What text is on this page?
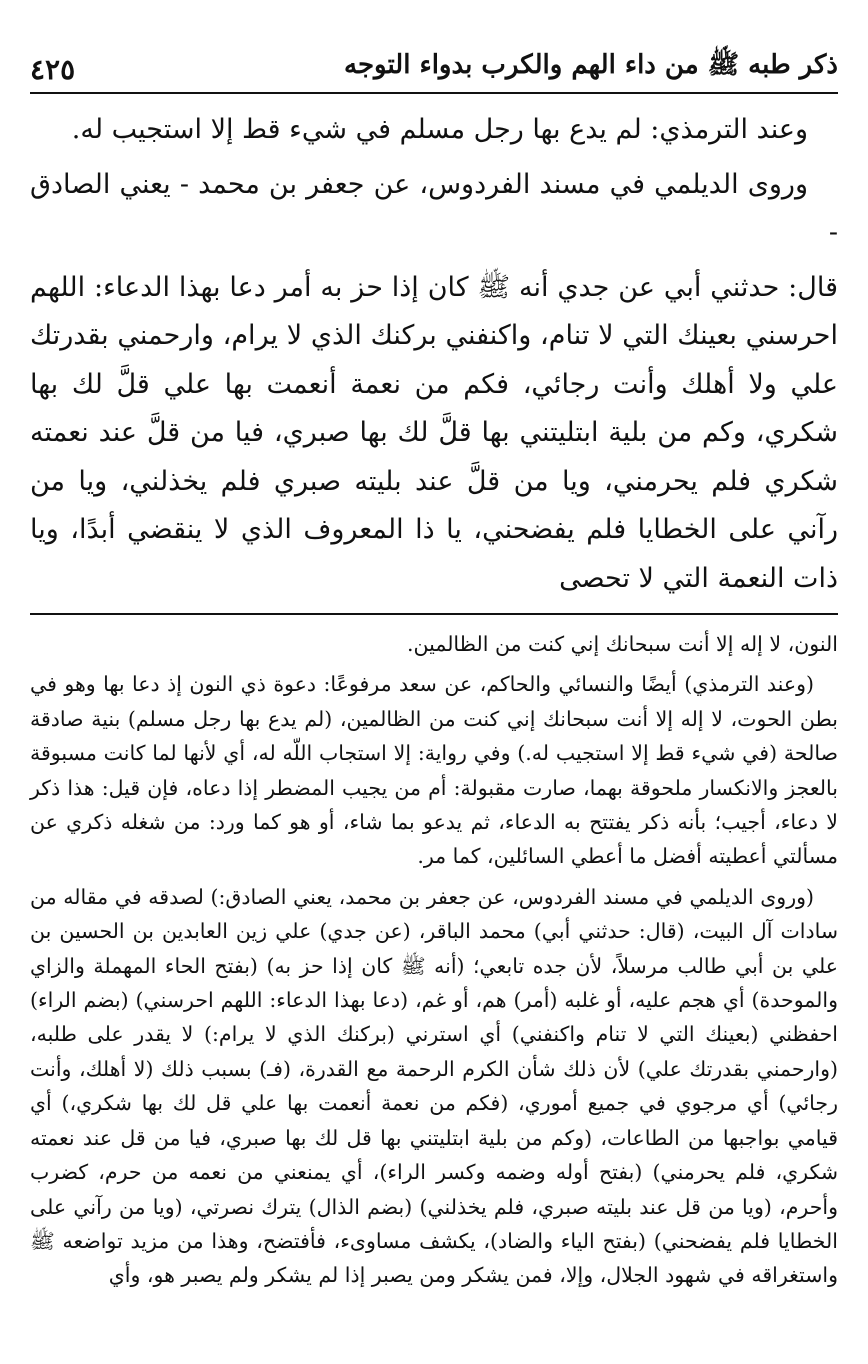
ذكر طبه ﷺ من داء الهم والكرب بدواء التوجه
٤٢٥

وعند الترمذي: لم يدع بها رجل مسلم في شيء قط إلا استجيب له.

وروى الديلمي في مسند الفردوس، عن جعفر بن محمد - يعني الصادق -

قال: حدثني أبي عن جدي أنه ﷺ كان إذا حز به أمر دعا بهذا الدعاء: اللهم احرسني بعينك التي لا تنام، واكنفني بركنك الذي لا يرام، وارحمني بقدرتك علي ولا أهلك وأنت رجائي، فكم من نعمة أنعمت بها علي قلَّ لك بها شكري، وكم من بلية ابتليتني بها قلَّ لك بها صبري، فيا من قلَّ عند نعمته شكري فلم يحرمني، ويا من قلَّ عند بليته صبري فلم يخذلني، ويا من رآني على الخطايا فلم يفضحني، يا ذا المعروف الذي لا ينقضي أبدًا، ويا ذات النعمة التي لا تحصى

النون، لا إله إلا أنت سبحانك إني كنت من الظالمين.

(وعند الترمذي) أيضًا والنسائي والحاكم، عن سعد مرفوعًا: دعوة ذي النون إذ دعا بها وهو في بطن الحوت، لا إله إلا أنت سبحانك إني كنت من الظالمين، (لم يدع بها رجل مسلم) بنية صادقة صالحة (في شيء قط إلا استجيب له.) وفي رواية: إلا استجاب اللّه له، أي لأنها لما كانت مسبوقة بالعجز والانكسار ملحوقة بهما، صارت مقبولة: أم من يجيب المضطر إذا دعاه، فإن قيل: هذا ذكر لا دعاء، أجيب؛ بأنه ذكر يفتتح به الدعاء، ثم يدعو بما شاء، أو هو كما ورد: من شغله ذكري عن مسألتي أعطيته أفضل ما أعطي السائلين، كما مر.

(وروى الديلمي في مسند الفردوس، عن جعفر بن محمد، يعني الصادق:) لصدقه في مقاله من سادات آل البيت، (قال: حدثني أبي) محمد الباقر، (عن جدي) علي زين العابدين بن الحسين بن علي بن أبي طالب مرسلاً، لأن جده تابعي؛ (أنه ﷺ كان إذا حز به) (بفتح الحاء المهملة والزاي والموحدة) أي هجم عليه، أو غلبه (أمر) هم، أو غم، (دعا بهذا الدعاء: اللهم احرسني) (بضم الراء) احفظني (بعينك التي لا تنام واكنفني) أي استرني (بركنك الذي لا يرام:) لا يقدر على طلبه، (وارحمني بقدرتك علي) لأن ذلك شأن الكرم الرحمة مع القدرة، (فـ) بسبب ذلك (لا أهلك، وأنت رجائي) أي مرجوي في جميع أموري، (فكم من نعمة أنعمت بها علي قل لك بها شكري،) أي قيامي بواجبها من الطاعات، (وكم من بلية ابتليتني بها قل لك بها صبري، فيا من قل عند نعمته شكري، فلم يحرمني) (بفتح أوله وضمه وكسر الراء)، أي يمنعني من نعمه من حرم، كضرب وأحرم، (ويا من قل عند بليته صبري، فلم يخذلني) (بضم الذال) يترك نصرتي، (ويا من رآني على الخطايا فلم يفضحني) (بفتح الياء والضاد)، يكشف مساوىء، فأفتضح، وهذا من مزيد تواضعه ﷺ واستغراقه في شهود الجلال، وإلا، فمن يشكر ومن يصبر إذا لم يشكر ولم يصبر هو، وأي
